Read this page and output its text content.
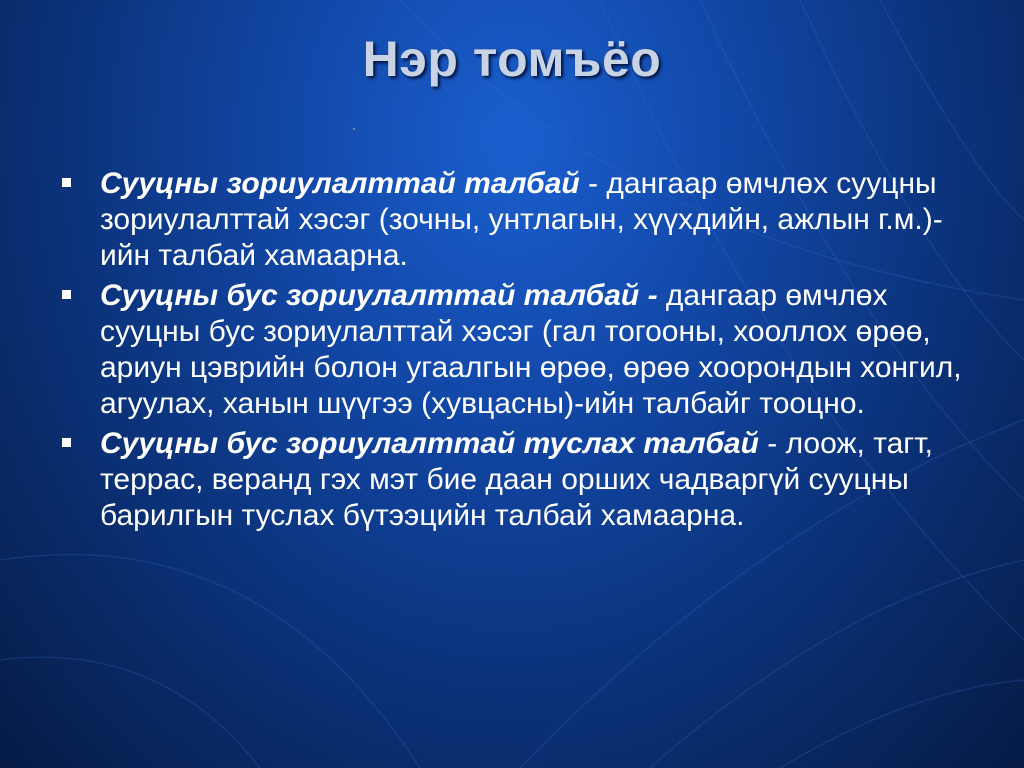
Нэр томъёо
Сууцны зориулалттай талбай - дангаар өмчлөх сууцны зориулалттай хэсэг (зочны, унтлагын, хүүхдийн, ажлын г.м.)-ийн талбай хамаарна.
Сууцны бус зориулалттай талбай - дангаар өмчлөх сууцны бус зориулалттай хэсэг (гал тогооны, хооллох өрөө, ариун цэврийн болон угаалгын өрөө, өрөө хоорондын хонгил, агуулах, ханын шүүгээ (хувцасны)-ийн талбайг тооцно.
Сууцны бус зориулалттай туслах талбай - лоож, тагт, террас, веранд гэх мэт бие даан орших чадваргүй сууцны барилгын туслах бүтээцийн талбай хамаарна.
